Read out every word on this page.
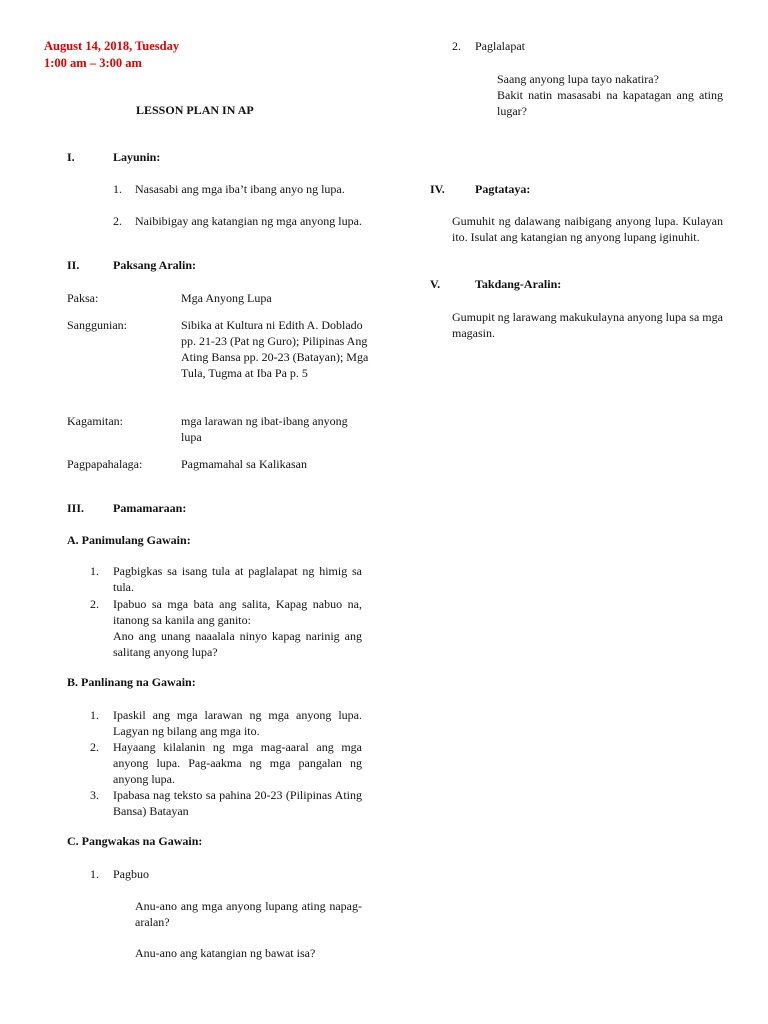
August 14, 2018, Tuesday
1:00 am – 3:00 am
LESSON PLAN IN AP
I.	Layunin:
1. Nasasabi ang mga iba’t ibang anyo ng lupa.
2. Naibibigay ang katangian ng mga anyong lupa.
II.	Paksang Aralin:
Paksa:	Mga Anyong Lupa
Sanggunian:	Sibika at Kultura ni Edith A. Doblado pp. 21-23 (Pat ng Guro); Pilipinas Ang Ating Bansa pp. 20-23 (Batayan); Mga Tula, Tugma at Iba Pa p. 5
Kagamitan:	mga larawan ng ibat-ibang anyong lupa
Pagpapahalaga:	Pagmamahal sa Kalikasan
III. Pamamaraan:
A. Panimulang Gawain:
1. Pagbigkas sa isang tula at paglalapat ng himig sa tula.
2. Ipabuo sa mga bata ang salita, Kapag nabuo na, itanong sa kanila ang ganito:
Ano ang unang naaalala ninyo kapag narinig ang salitang anyong lupa?
B. Panlinang na Gawain:
1. Ipaskil ang mga larawan ng mga anyong lupa. Lagyan ng bilang ang mga ito.
2. Hayaang kilalanin ng mga mag-aaral ang mga anyong lupa. Pag-aakma ng mga pangalan ng anyong lupa.
3. Ipabasa nag teksto sa pahina 20-23 (Pilipinas Ating Bansa) Batayan
C. Pangwakas na Gawain:
1. Pagbuo
Anu-ano ang mga anyong lupang ating napag-aralan?
Anu-ano ang katangian ng bawat isa?
2. Paglalapat
Saang anyong lupa tayo nakatira?
Bakit natin masasabi na kapatagan ang ating lugar?
IV.	Pagtataya:
Gumuhit ng dalawang naibigang anyong lupa. Kulayan ito. Isulat ang katangian ng anyong lupang iginuhit.
V.	Takdang-Aralin:
Gumupit ng larawang makukulayna anyong lupa sa mga magasin.
